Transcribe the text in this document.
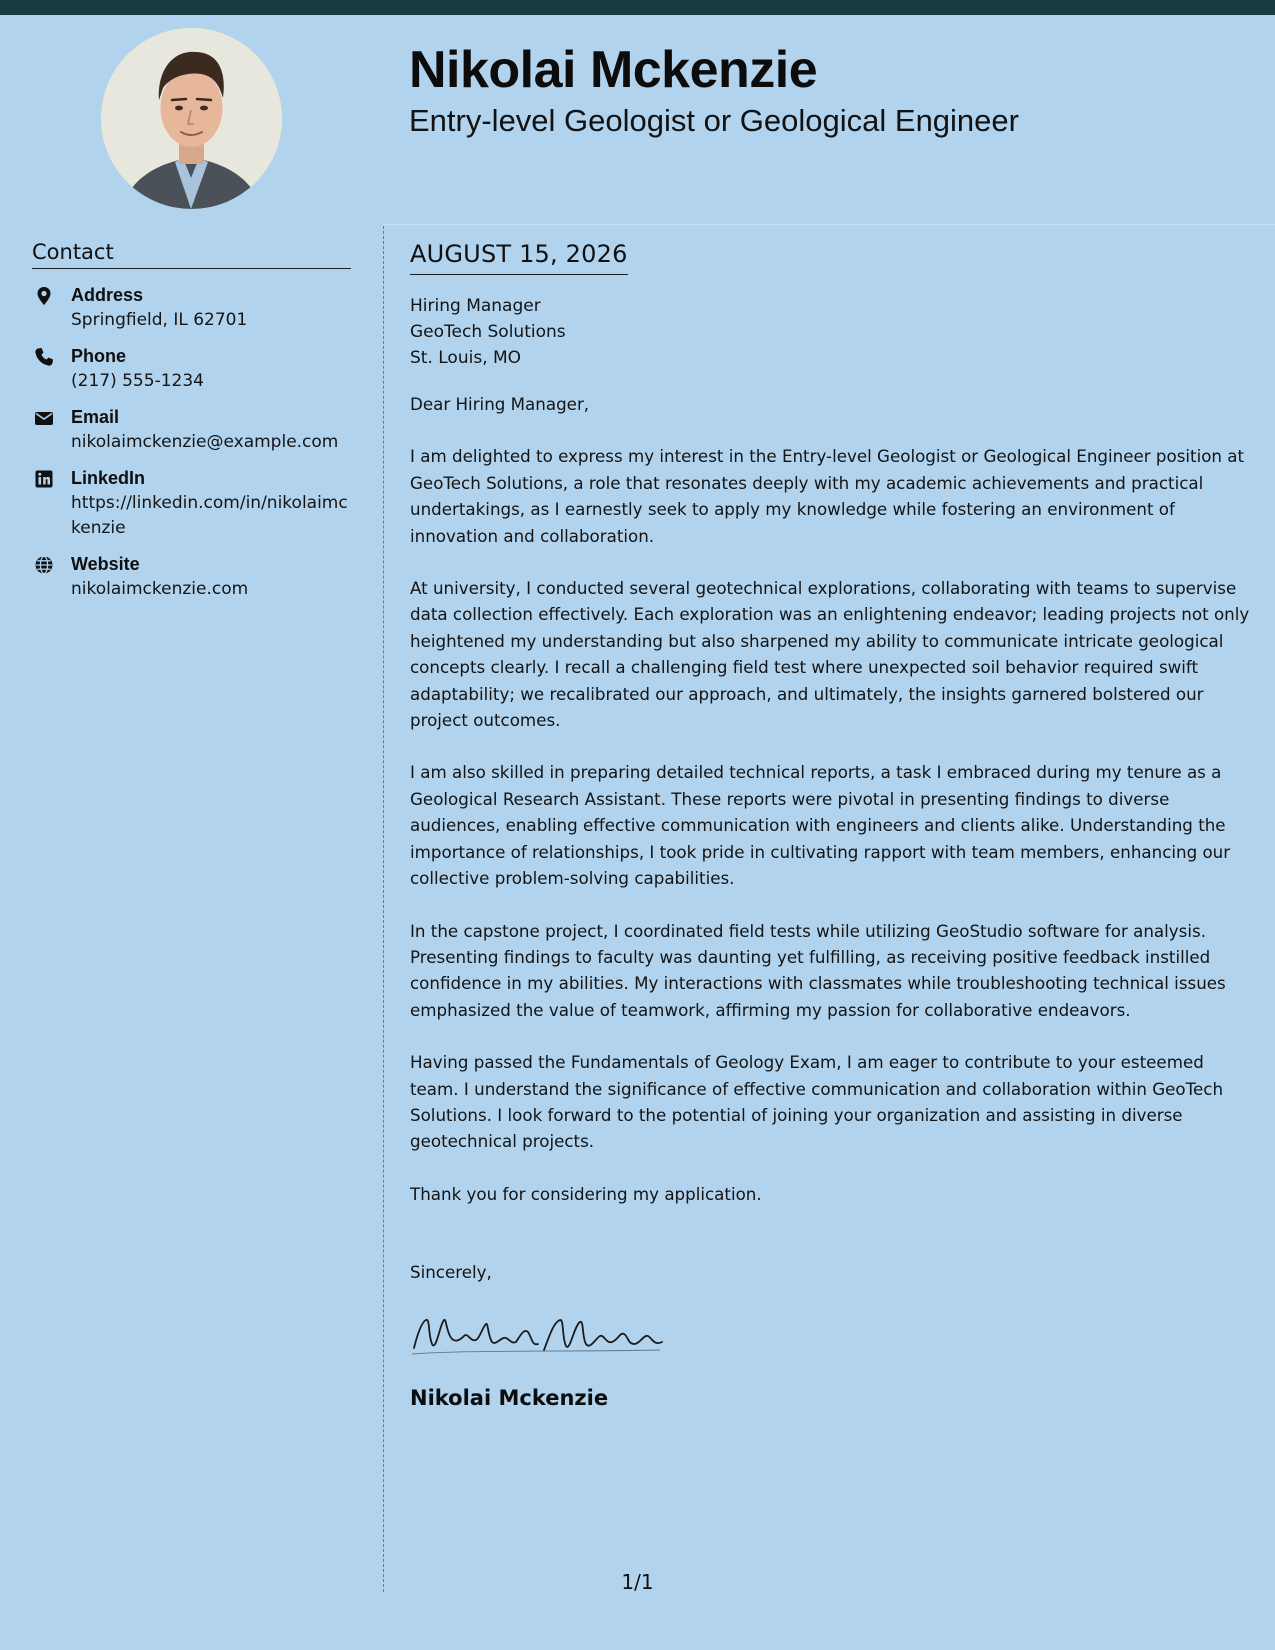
Nikolai Mckenzie
Entry-level Geologist or Geological Engineer
Contact
Address
Springfield, IL 62701
Phone
(217) 555-1234
Email
nikolaimckenzie@example.com
LinkedIn
https://linkedin.com/in/nikolaimckenzie
Website
nikolaimckenzie.com
AUGUST 15, 2026
Hiring Manager
GeoTech Solutions
St. Louis, MO

Dear Hiring Manager,

I am delighted to express my interest in the Entry-level Geologist or Geological Engineer position at GeoTech Solutions, a role that resonates deeply with my academic achievements and practical undertakings, as I earnestly seek to apply my knowledge while fostering an environment of innovation and collaboration.

At university, I conducted several geotechnical explorations, collaborating with teams to supervise data collection effectively. Each exploration was an enlightening endeavor; leading projects not only heightened my understanding but also sharpened my ability to communicate intricate geological concepts clearly. I recall a challenging field test where unexpected soil behavior required swift adaptability; we recalibrated our approach, and ultimately, the insights garnered bolstered our project outcomes.

I am also skilled in preparing detailed technical reports, a task I embraced during my tenure as a Geological Research Assistant. These reports were pivotal in presenting findings to diverse audiences, enabling effective communication with engineers and clients alike. Understanding the importance of relationships, I took pride in cultivating rapport with team members, enhancing our collective problem-solving capabilities.

In the capstone project, I coordinated field tests while utilizing GeoStudio software for analysis. Presenting findings to faculty was daunting yet fulfilling, as receiving positive feedback instilled confidence in my abilities. My interactions with classmates while troubleshooting technical issues emphasized the value of teamwork, affirming my passion for collaborative endeavors.

Having passed the Fundamentals of Geology Exam, I am eager to contribute to your esteemed team. I understand the significance of effective communication and collaboration within GeoTech Solutions. I look forward to the potential of joining your organization and assisting in diverse geotechnical projects.

Thank you for considering my application.

Sincerely,

Nikolai Mckenzie
1/1
